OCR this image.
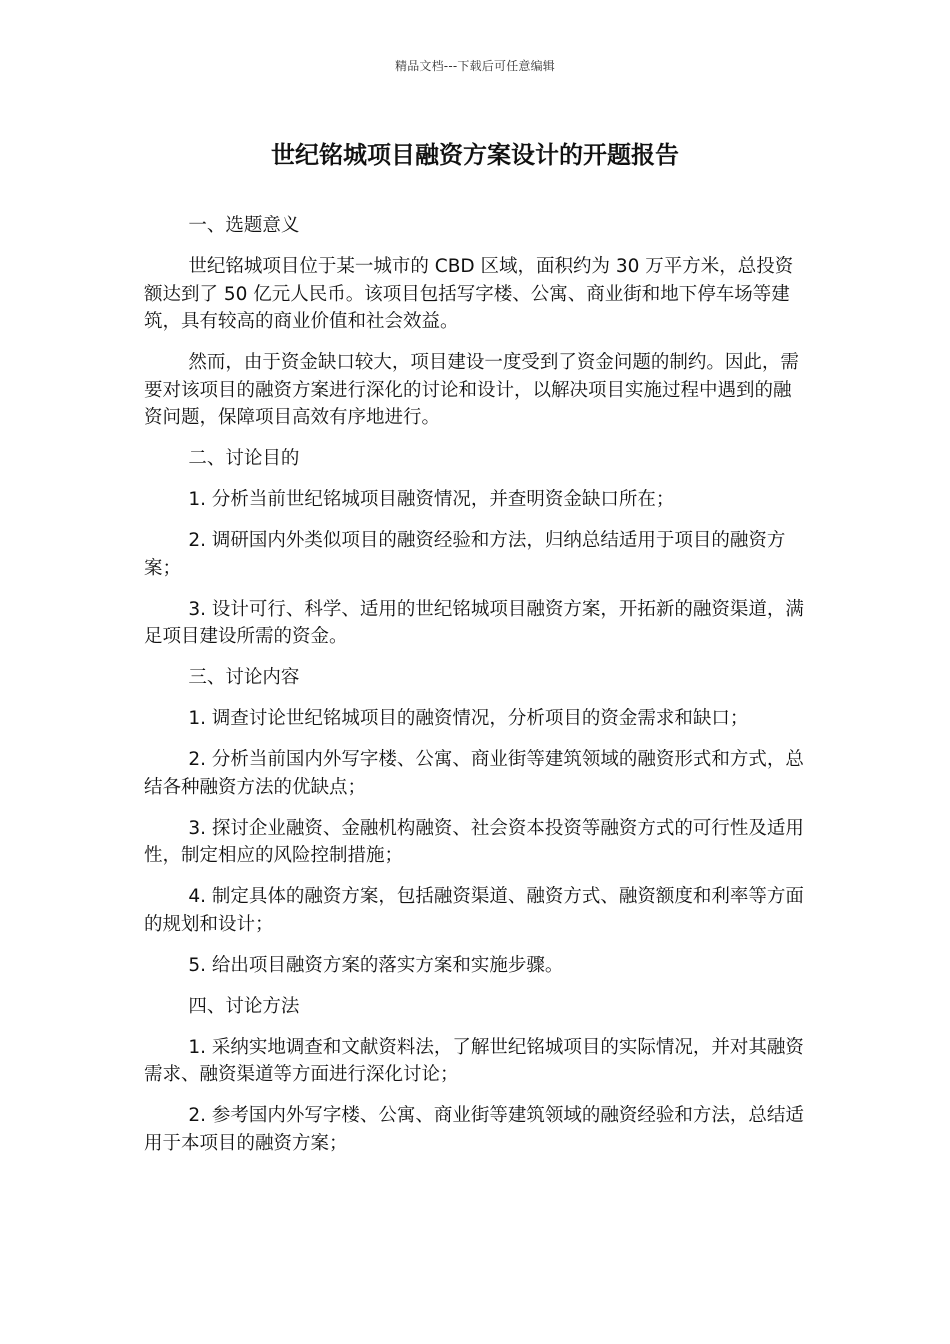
精品文档---下载后可任意编辑
世纪铭城项目融资方案设计的开题报告

一、选题意义

世纪铭城项目位于某一城市的 CBD 区域，面积约为 30 万平方米，总投资额达到了 50 亿元人民币。该项目包括写字楼、公寓、商业街和地下停车场等建筑，具有较高的商业价值和社会效益。

然而，由于资金缺口较大，项目建设一度受到了资金问题的制约。因此，需要对该项目的融资方案进行深化的讨论和设计，以解决项目实施过程中遇到的融资问题，保障项目高效有序地进行。

二、讨论目的

1. 分析当前世纪铭城项目融资情况，并查明资金缺口所在；

2. 调研国内外类似项目的融资经验和方法，归纳总结适用于项目的融资方案；

3. 设计可行、科学、适用的世纪铭城项目融资方案，开拓新的融资渠道，满足项目建设所需的资金。

三、讨论内容

1. 调查讨论世纪铭城项目的融资情况，分析项目的资金需求和缺口；

2. 分析当前国内外写字楼、公寓、商业街等建筑领域的融资形式和方式，总结各种融资方法的优缺点；

3. 探讨企业融资、金融机构融资、社会资本投资等融资方式的可行性及适用性，制定相应的风险控制措施；

4. 制定具体的融资方案，包括融资渠道、融资方式、融资额度和利率等方面的规划和设计；

5. 给出项目融资方案的落实方案和实施步骤。

四、讨论方法

1. 采纳实地调查和文献资料法，了解世纪铭城项目的实际情况，并对其融资需求、融资渠道等方面进行深化讨论；

2. 参考国内外写字楼、公寓、商业街等建筑领域的融资经验和方法，总结适用于本项目的融资方案；
